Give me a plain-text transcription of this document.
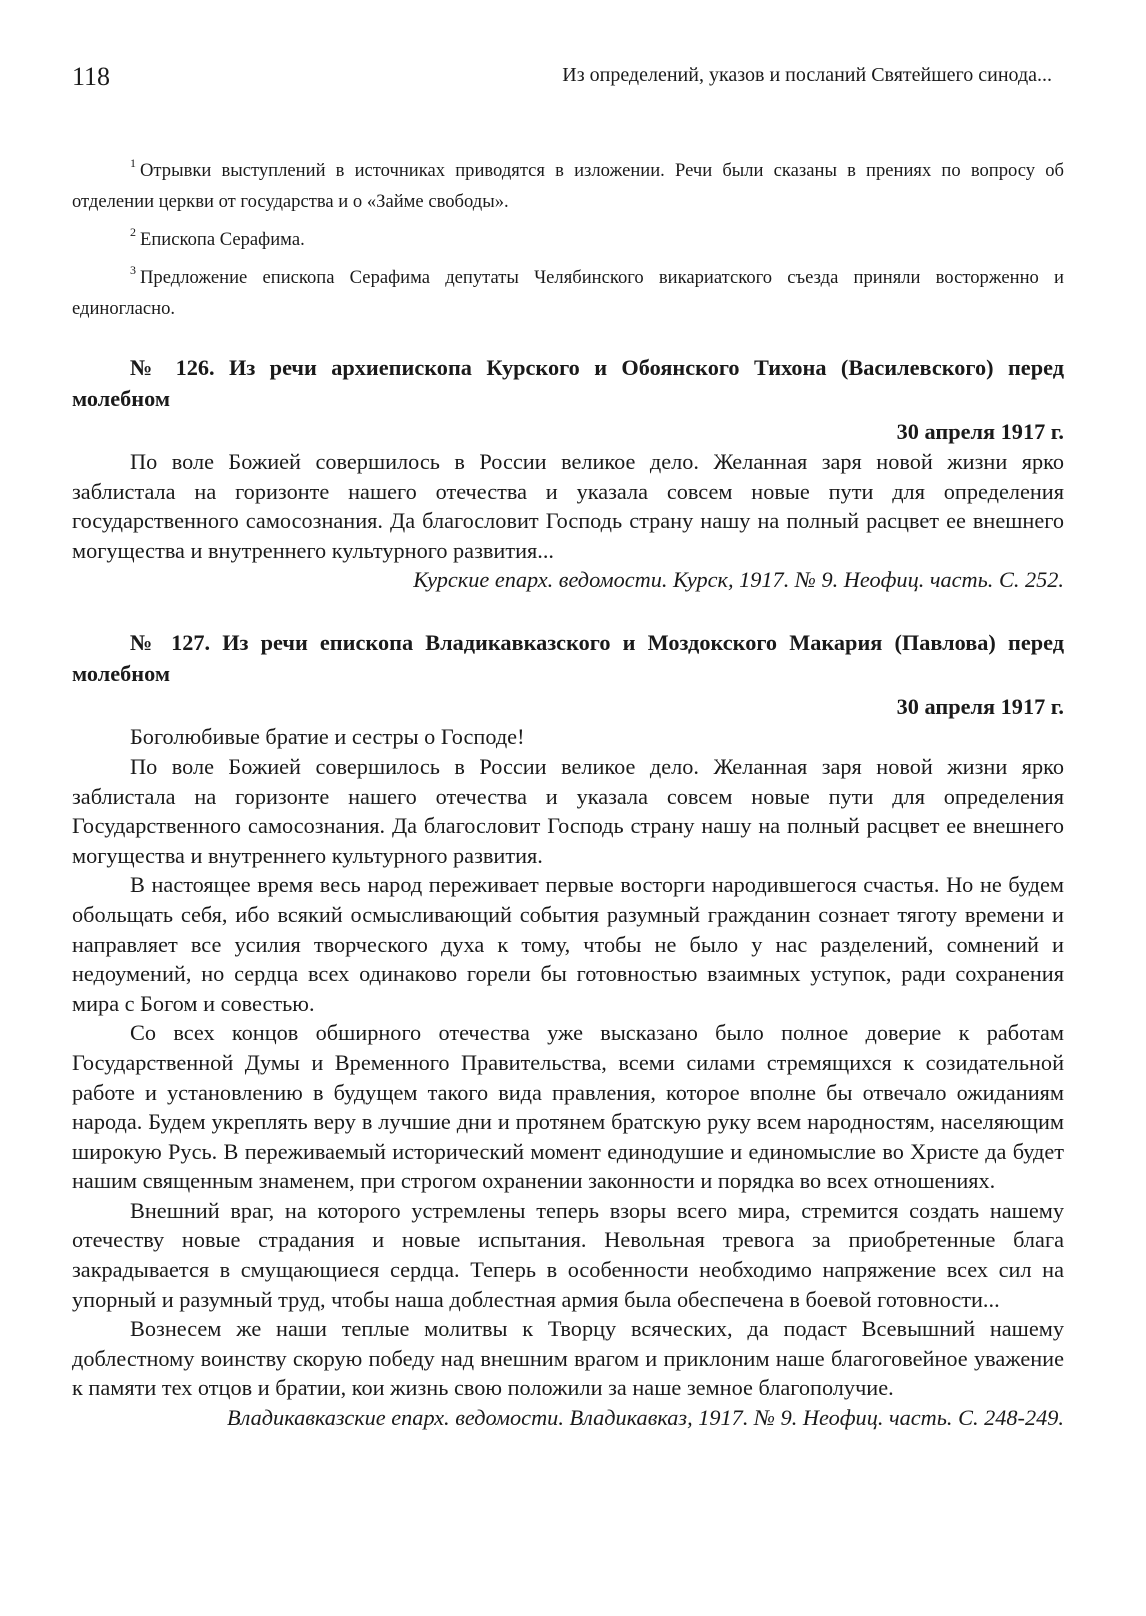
118	Из определений, указов и посланий Святейшего синода...

$^1$ Отрывки выступлений в источниках приводятся в изложении. Речи были сказаны в прениях по вопросу об отделении церкви от государства и о «Займе свободы».

$^2$ Епископа Серафима.

$^3$ Предложение епископа Серафима депутаты Челябинского викариатского съезда приняли восторженно и единогласно.

№ 126. Из речи архиепископа Курского и Обоянского Тихона (Василевского) перед молебном

30 апреля 1917 г.

По воле Божией совершилось в России великое дело. Желанная заря новой жизни ярко заблистала на горизонте нашего отечества и указала совсем новые пути для определения государственного самосознания. Да благословит Господь страну нашу на полный расцвет ее внешнего могущества и внутреннего культурного развития...

Курские епарх. ведомости. Курск, 1917. № 9. Неофиц. часть. С. 252.

№ 127. Из речи епископа Владикавказского и Моздокского Макария (Павлова) перед молебном

30 апреля 1917 г.

Боголюбивые братие и сестры о Господе!

По воле Божией совершилось в России великое дело. Желанная заря новой жизни ярко заблистала на горизонте нашего отечества и указала совсем новые пути для определения Государственного самосознания. Да благословит Господь страну нашу на полный расцвет ее внешнего могущества и внутреннего культурного развития.

В настоящее время весь народ переживает первые восторги народившегося счастья. Но не будем обольщать себя, ибо всякий осмысливающий события разумный гражданин сознает тяготу времени и направляет все усилия творческого духа к тому, чтобы не было у нас разделений, сомнений и недоумений, но сердца всех одинаково горели бы готовностью взаимных уступок, ради сохранения мира с Богом и совестью.

Со всех концов обширного отечества уже высказано было полное доверие к работам Государственной Думы и Временного Правительства, всеми силами стремящихся к созидательной работе и установлению в будущем такого вида правления, которое вполне бы отвечало ожиданиям народа. Будем укреплять веру в лучшие дни и протянем братскую руку всем народностям, населяющим широкую Русь. В переживаемый исторический момент единодушие и единомыслие во Христе да будет нашим священным знаменем, при строгом охранении законности и порядка во всех отношениях.

Внешний враг, на которого устремлены теперь взоры всего мира, стремится создать нашему отечеству новые страдания и новые испытания. Невольная тревога за приобретенные блага закрадывается в смущающиеся сердца. Теперь в особенности необходимо напряжение всех сил на упорный и разумный труд, чтобы наша доблестная армия была обеспечена в боевой готовности...

Вознесем же наши теплые молитвы к Творцу всяческих, да подаст Всевышний нашему доблестному воинству скорую победу над внешним врагом и приклоним наше благоговейное уважение к памяти тех отцов и братии, кои жизнь свою положили за наше земное благополучие.

Владикавказские епарх. ведомости. Владикавказ, 1917. № 9. Неофиц. часть. С. 248-249.
